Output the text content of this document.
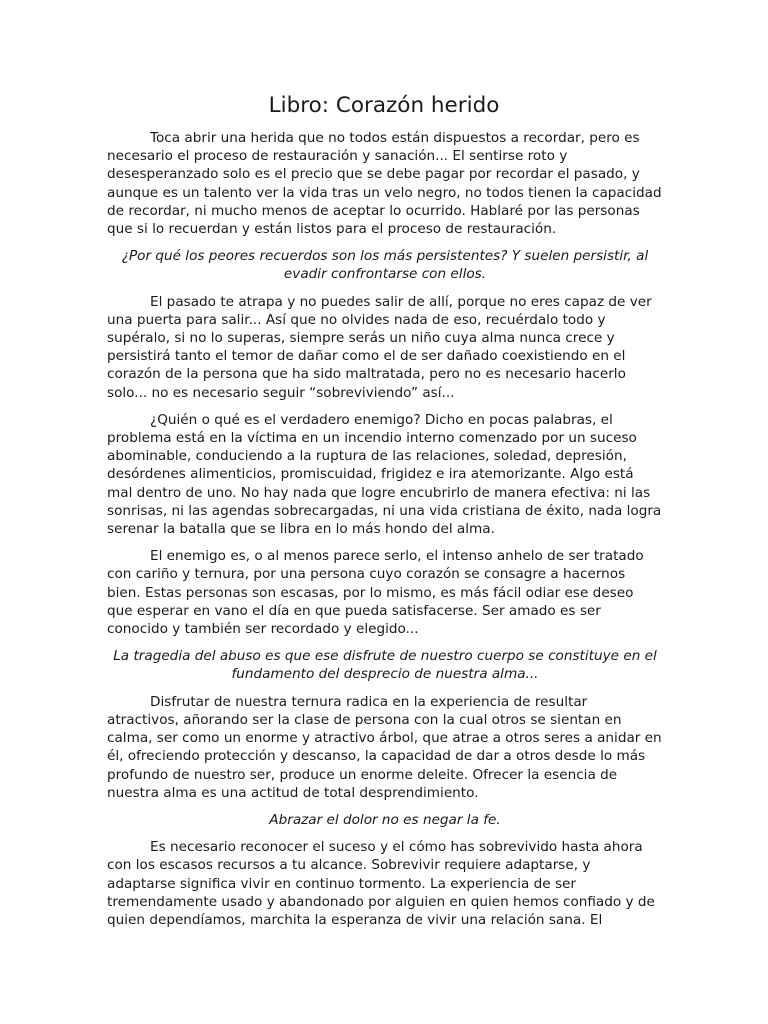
Libro: Corazón herido

Toca abrir una herida que no todos están dispuestos a recordar, pero es necesario el proceso de restauración y sanación... El sentirse roto y desesperanzado solo es el precio que se debe pagar por recordar el pasado, y aunque es un talento ver la vida tras un velo negro, no todos tienen la capacidad de recordar, ni mucho menos de aceptar lo ocurrido. Hablaré por las personas que si lo recuerdan y están listos para el proceso de restauración.

¿Por qué los peores recuerdos son los más persistentes? Y suelen persistir, al evadir confrontarse con ellos.

El pasado te atrapa y no puedes salir de allí, porque no eres capaz de ver una puerta para salir... Así que no olvides nada de eso, recuérdalo todo y supéralo, si no lo superas, siempre serás un niño cuya alma nunca crece y persistirá tanto el temor de dañar como el de ser dañado coexistiendo en el corazón de la persona que ha sido maltratada, pero no es necesario hacerlo solo... no es necesario seguir “sobreviviendo” así...

¿Quién o qué es el verdadero enemigo? Dicho en pocas palabras, el problema está en la víctima en un incendio interno comenzado por un suceso abominable, conduciendo a la ruptura de las relaciones, soledad, depresión, desórdenes alimenticios, promiscuidad, frigidez e ira atemorizante. Algo está mal dentro de uno. No hay nada que logre encubrirlo de manera efectiva: ni las sonrisas, ni las agendas sobrecargadas, ni una vida cristiana de éxito, nada logra serenar la batalla que se libra en lo más hondo del alma.

El enemigo es, o al menos parece serlo, el intenso anhelo de ser tratado con cariño y ternura, por una persona cuyo corazón se consagre a hacernos bien. Estas personas son escasas, por lo mismo, es más fácil odiar ese deseo que esperar en vano el día en que pueda satisfacerse. Ser amado es ser conocido y también ser recordado y elegido...

La tragedia del abuso es que ese disfrute de nuestro cuerpo se constituye en el fundamento del desprecio de nuestra alma...

Disfrutar de nuestra ternura radica en la experiencia de resultar atractivos, añorando ser la clase de persona con la cual otros se sientan en calma, ser como un enorme y atractivo árbol, que atrae a otros seres a anidar en él, ofreciendo protección y descanso, la capacidad de dar a otros desde lo más profundo de nuestro ser, produce un enorme deleite. Ofrecer la esencia de nuestra alma es una actitud de total desprendimiento.

Abrazar el dolor no es negar la fe.

Es necesario reconocer el suceso y el cómo has sobrevivido hasta ahora con los escasos recursos a tu alcance. Sobrevivir requiere adaptarse, y adaptarse significa vivir en continuo tormento. La experiencia de ser tremendamente usado y abandonado por alguien en quien hemos confiado y de quien dependíamos, marchita la esperanza de vivir una relación sana. El
